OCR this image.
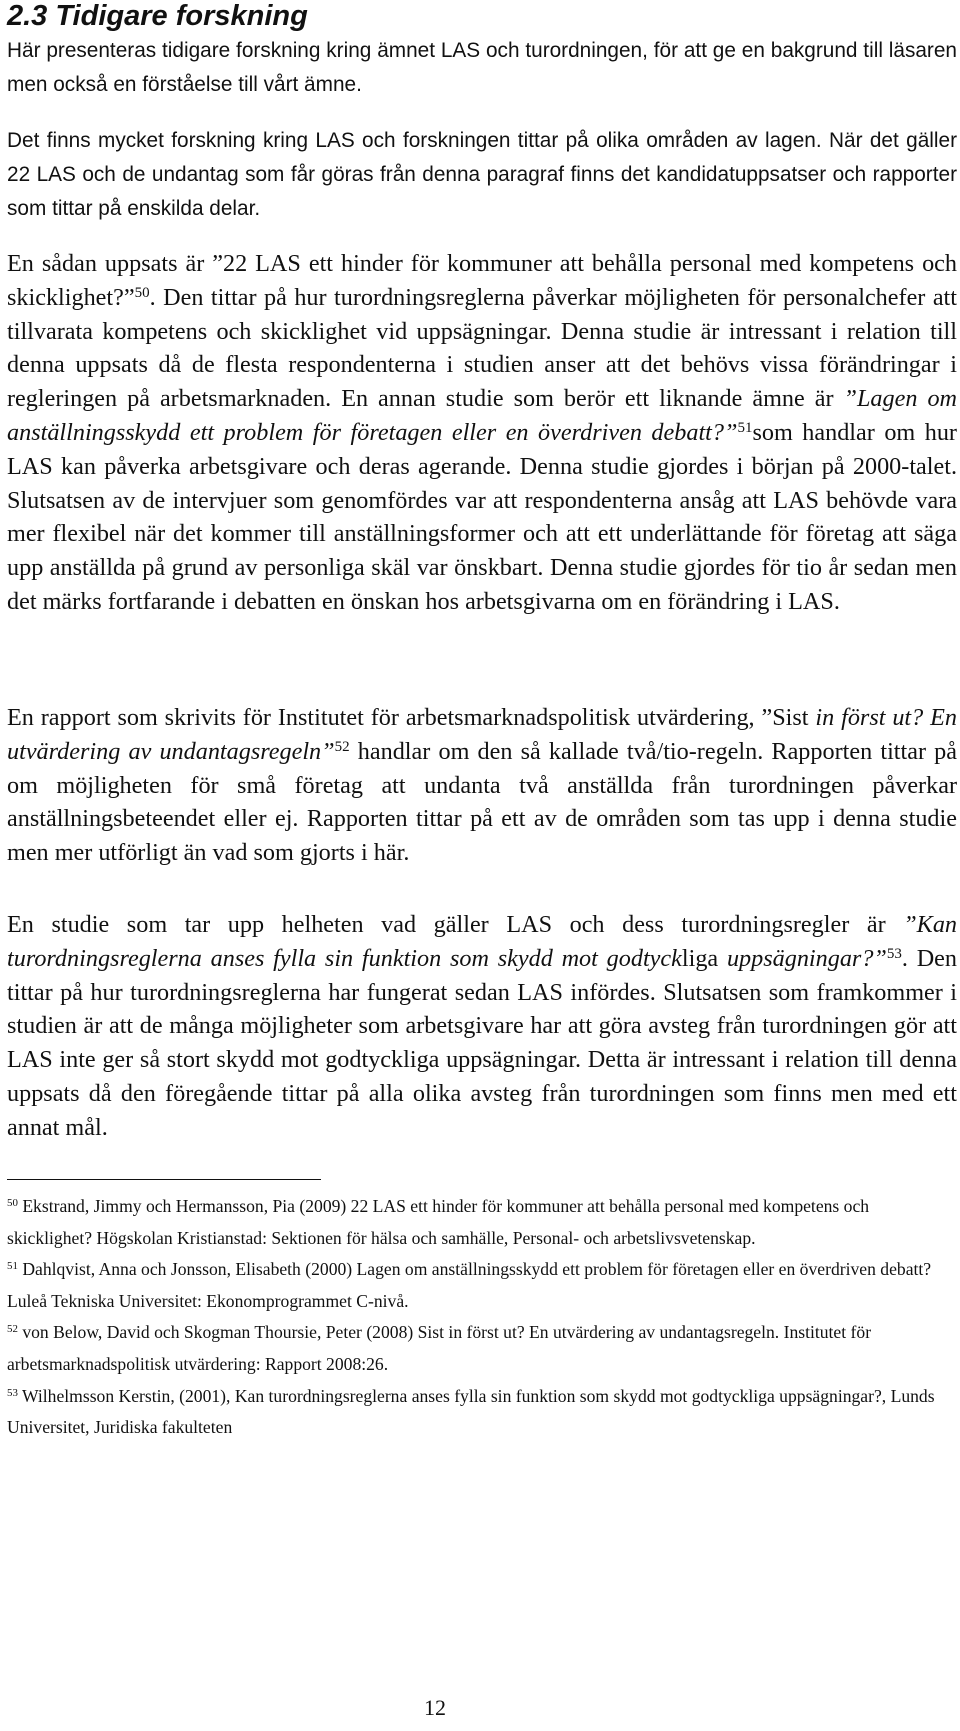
2.3 Tidigare forskning

Här presenteras tidigare forskning kring ämnet LAS och turordningen, för att ge en bakgrund till läsaren men också en förståelse till vårt ämne.

Det finns mycket forskning kring LAS och forskningen tittar på olika områden av lagen. När det gäller 22 LAS och de undantag som får göras från denna paragraf finns det kandidatuppsatser och rapporter som tittar på enskilda delar.

En sådan uppsats är ”22 LAS ett hinder för kommuner att behålla personal med kompetens och skicklighet?”$^{50}$. Den tittar på hur turordningsreglerna påverkar möjligheten för personalchefer att tillvarata kompetens och skicklighet vid uppsägningar. Denna studie är intressant i relation till denna uppsats då de flesta respondenterna i studien anser att det behövs vissa förändringar i regleringen på arbetsmarknaden. En annan studie som berör ett liknande ämne är ”Lagen om anställningsskydd ett problem för företagen eller en överdriven debatt?”$^{51}$som handlar om hur LAS kan påverka arbetsgivare och deras agerande. Denna studie gjordes i början på 2000-talet. Slutsatsen av de intervjuer som genomfördes var att respondenterna ansåg att LAS behövde vara mer flexibel när det kommer till anställningsformer och att ett underlättande för företag att säga upp anställda på grund av personliga skäl var önskbart. Denna studie gjordes för tio år sedan men det märks fortfarande i debatten en önskan hos arbetsgivarna om en förändring i LAS.

En rapport som skrivits för Institutet för arbetsmarknadspolitisk utvärdering, ”Sist in först ut? En utvärdering av undantagsregeln”$^{52}$ handlar om den så kallade två/tio-regeln. Rapporten tittar på om möjligheten för små företag att undanta två anställda från turordningen påverkar anställningsbeteendet eller ej. Rapporten tittar på ett av de områden som tas upp i denna studie men mer utförligt än vad som gjorts i här.

En studie som tar upp helheten vad gäller LAS och dess turordningsregler är ”Kan turordningsreglerna anses fylla sin funktion som skydd mot godtyckliga uppsägningar?”$^{53}$. Den tittar på hur turordningsreglerna har fungerat sedan LAS infördes. Slutsatsen som framkommer i studien är att de många möjligheter som arbetsgivare har att göra avsteg från turordningen gör att LAS inte ger så stort skydd mot godtyckliga uppsägningar. Detta är intressant i relation till denna uppsats då den föregående tittar på alla olika avsteg från turordningen som finns men med ett annat mål.

$^{50}$ Ekstrand, Jimmy och Hermansson, Pia (2009) 22 LAS ett hinder för kommuner att behålla personal med kompetens och skicklighet? Högskolan Kristianstad: Sektionen för hälsa och samhälle, Personal- och arbetslivsvetenskap.

$^{51}$ Dahlqvist, Anna och Jonsson, Elisabeth (2000) Lagen om anställningsskydd ett problem för företagen eller en överdriven debatt? Luleå Tekniska Universitet: Ekonomprogrammet C-nivå.

$^{52}$ von Below, David och Skogman Thoursie, Peter (2008) Sist in först ut? En utvärdering av undantagsregeln. Institutet för arbetsmarknadspolitisk utvärdering: Rapport 2008:26.

$^{53}$ Wilhelmsson Kerstin, (2001), Kan turordningsreglerna anses fylla sin funktion som skydd mot godtyckliga uppsägningar?, Lunds Universitet, Juridiska fakulteten

12
